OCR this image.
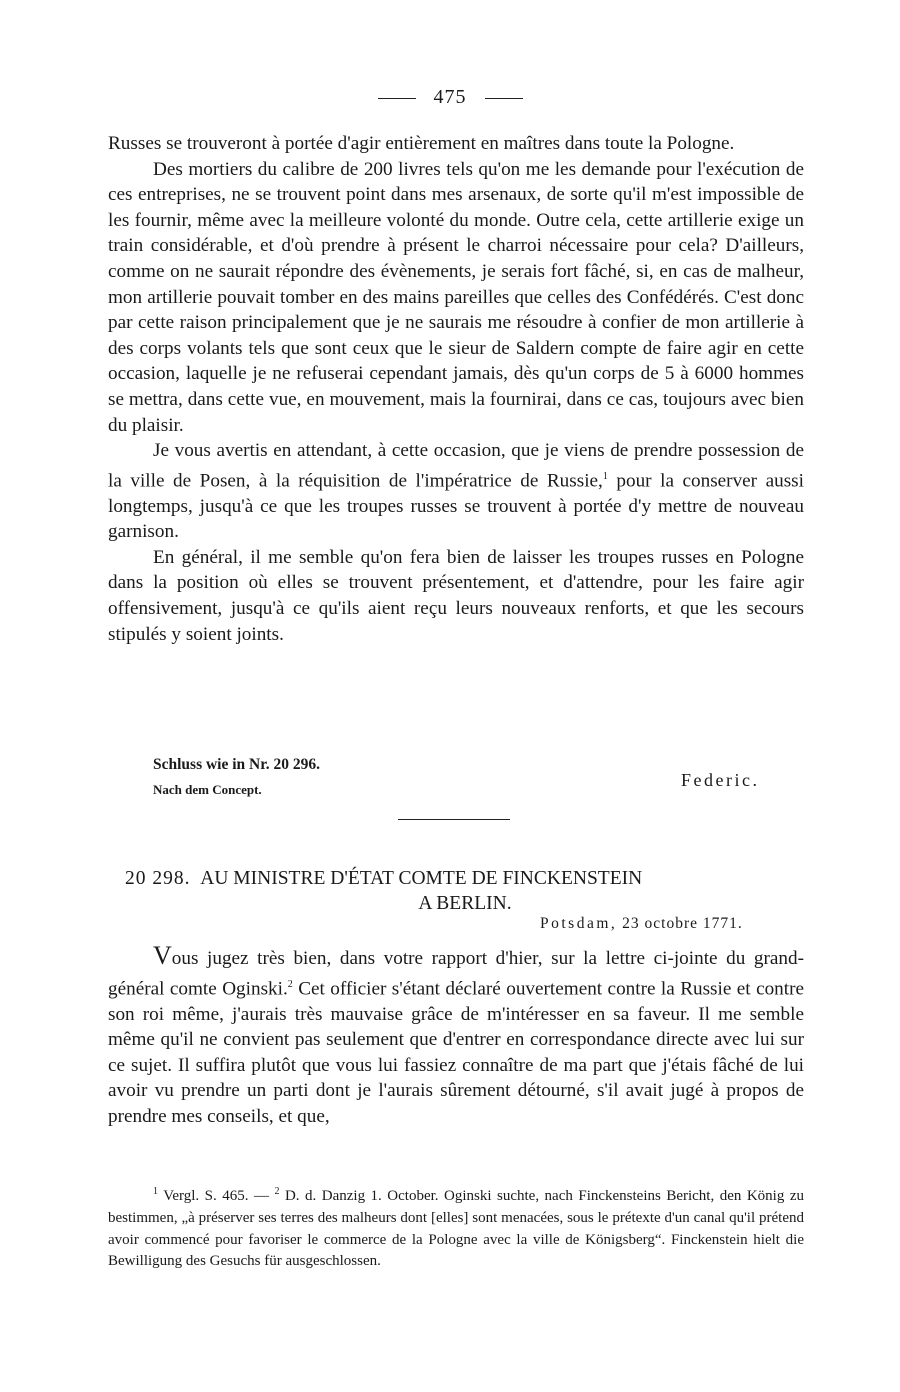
475

Russes se trouveront à portée d'agir entièrement en maîtres dans toute la Pologne.

Des mortiers du calibre de 200 livres tels qu'on me les demande pour l'exécution de ces entreprises, ne se trouvent point dans mes arsenaux, de sorte qu'il m'est impossible de les fournir, même avec la meilleure volonté du monde. Outre cela, cette artillerie exige un train considérable, et d'où prendre à présent le charroi nécessaire pour cela? D'ailleurs, comme on ne saurait répondre des évènements, je serais fort fâché, si, en cas de malheur, mon artillerie pouvait tomber en des mains pareilles que celles des Confédérés. C'est donc par cette raison principalement que je ne saurais me résoudre à confier de mon artillerie à des corps volants tels que sont ceux que le sieur de Saldern compte de faire agir en cette occasion, laquelle je ne refuserai cependant jamais, dès qu'un corps de 5 à 6000 hommes se mettra, dans cette vue, en mouvement, mais la fournirai, dans ce cas, toujours avec bien du plaisir.

Je vous avertis en attendant, à cette occasion, que je viens de prendre possession de la ville de Posen, à la réquisition de l'impératrice de Russie,$^1$ pour la conserver aussi longtemps, jusqu'à ce que les troupes russes se trouvent à portée d'y mettre de nouveau garnison.

En général, il me semble qu'on fera bien de laisser les troupes russes en Pologne dans la position où elles se trouvent présentement, et d'attendre, pour les faire agir offensivement, jusqu'à ce qu'ils aient reçu leurs nouveaux renforts, et que les secours stipulés y soient joints.

Schluss wie in Nr. 20 296.
Nach dem Concept.	Federic.
20 298. AU MINISTRE D'ÉTAT COMTE DE FINCKENSTEIN
A BERLIN.
Potsdam, 23 octobre 1771.

Vous jugez très bien, dans votre rapport d'hier, sur la lettre ci-jointe du grand-général comte Oginski.$^2$ Cet officier s'étant déclaré ouvertement contre la Russie et contre son roi même, j'aurais très mauvaise grâce de m'intéresser en sa faveur. Il me semble même qu'il ne convient pas seulement que d'entrer en correspondance directe avec lui sur ce sujet. Il suffira plutôt que vous lui fassiez connaître de ma part que j'étais fâché de lui avoir vu prendre un parti dont je l'aurais sûrement détourné, s'il avait jugé à propos de prendre mes conseils, et que,

$^1$ Vergl. S. 465. — $^2$ D. d. Danzig 1. October. Oginski suchte, nach Finckensteins Bericht, den König zu bestimmen, „à préserver ses terres des malheurs dont [elles] sont menacées, sous le prétexte d'un canal qu'il prétend avoir commencé pour favoriser le commerce de la Pologne avec la ville de Königsberg“. Finckenstein hielt die Bewilligung des Gesuchs für ausgeschlossen.
